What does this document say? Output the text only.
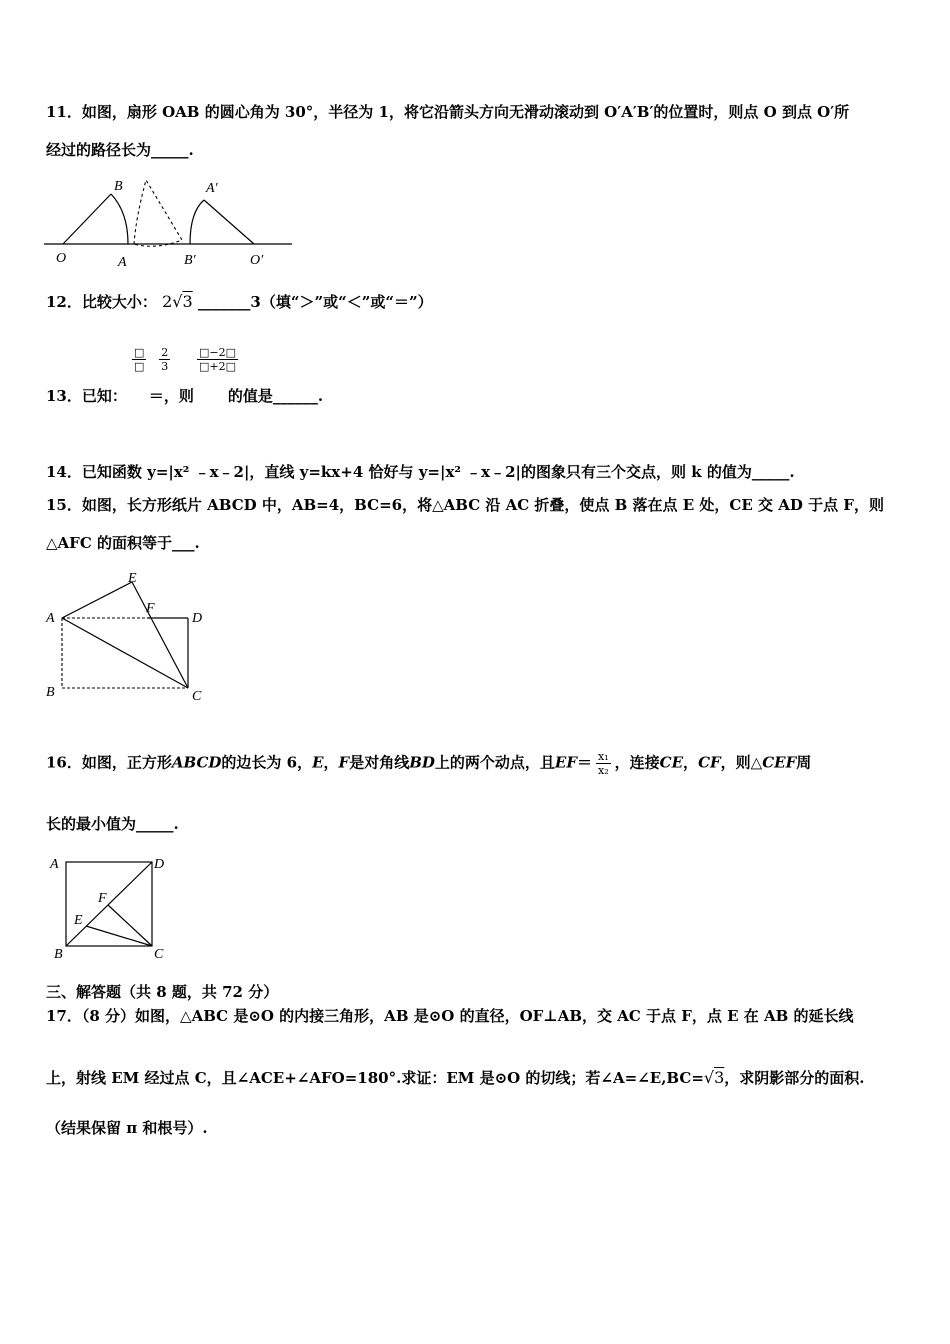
11．如图，扇形 OAB 的圆心角为 30°，半径为 1，将它沿箭头方向无滑动滚动到 O′A′B′的位置时，则点 O 到点 O′所
经过的路径长为_____.
O	A
B
B′
A′
O′
12．比较大小： 2√3 _______3（填“＞”或“＜”或“＝”）
$\frac{□}{□}$
$\frac{2}{3}$
$\frac{□-2□}{□+2□}$
13．已知： ＝，则 的值是______.
14．已知函数 y=|x² ﹣x﹣2|，直线 y=kx+4 恰好与 y=|x² ﹣x﹣2|的图象只有三个交点，则 k 的值为_____.
15．如图，长方形纸片 ABCD 中，AB=4，BC=6，将△ABC 沿 AC 折叠，使点 B 落在点 E 处，CE 交 AD 于点 F，则
△AFC 的面积等于___.
A
B	C
D
E
F
16．如图，正方形ABCD的边长为 6，E，F是对角线BD上的两个动点，且$EF= \frac{\text{x₁}}{\text{x₂}}$ ，连接CE，CF，则△CEF周
长的最小值为_____.
A	D
B	C
E
F
三、解答题（共 8 题，共 72 分）
17．（8 分）如图，△ABC 是⊙O 的内接三角形，AB 是⊙O 的直径，OF⊥AB，交 AC 于点 F，点 E 在 AB 的延长线
上，射线 EM 经过点 C，且∠ACE+∠AFO=180°.求证：EM 是⊙O 的切线；若∠A=∠E,BC=√3，求阴影部分的面积.
（结果保留 π 和根号）.
